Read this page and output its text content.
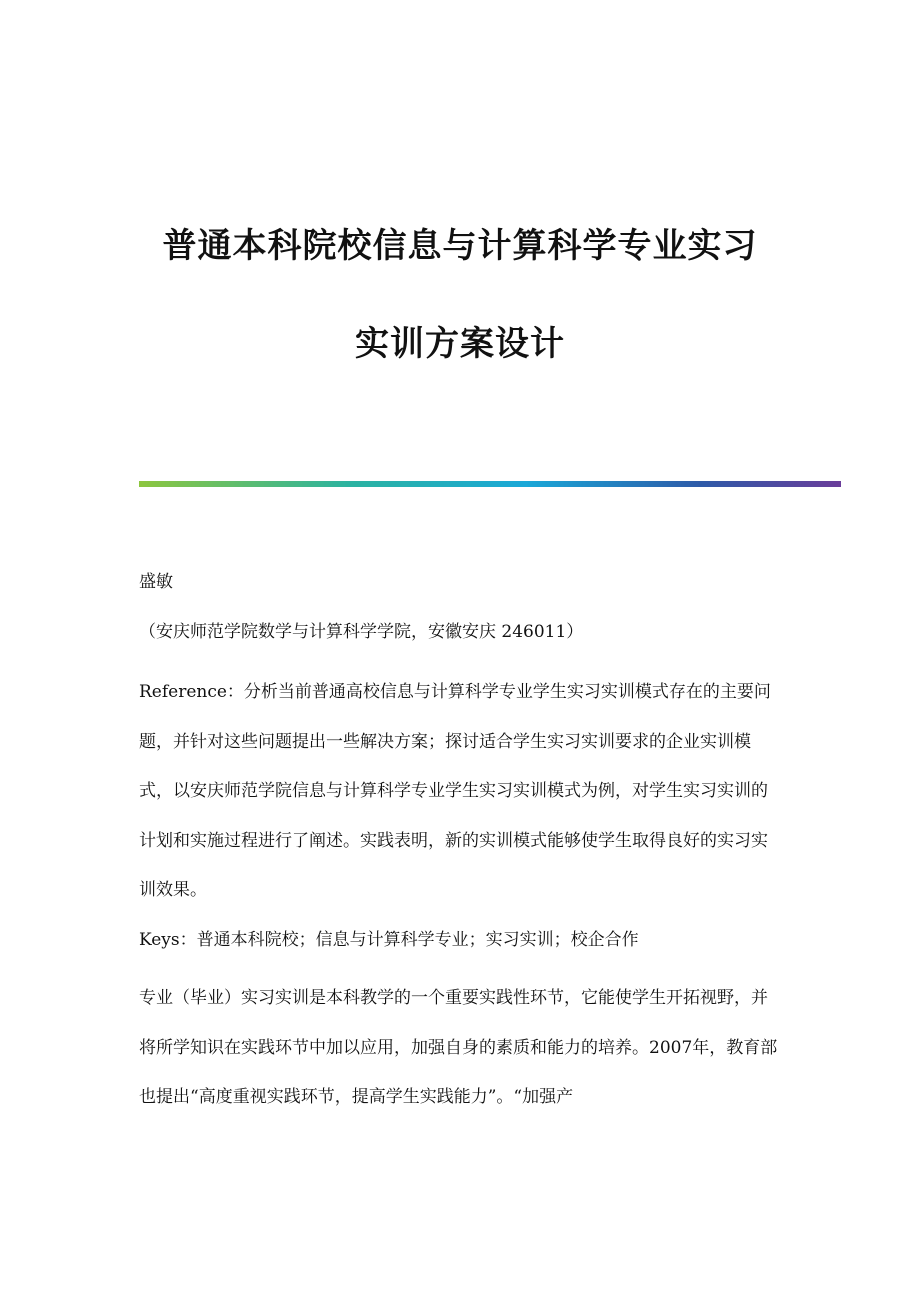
普通本科院校信息与计算科学专业实习
实训方案设计

盛敏

（安庆师范学院数学与计算科学学院，安徽安庆 246011）

Reference：分析当前普通高校信息与计算科学专业学生实习实训模式存在的主要问题，并针对这些问题提出一些解决方案；探讨适合学生实习实训要求的企业实训模式，以安庆师范学院信息与计算科学专业学生实习实训模式为例，对学生实习实训的计划和实施过程进行了阐述。实践表明，新的实训模式能够使学生取得良好的实习实训效果。

Keys：普通本科院校；信息与计算科学专业；实习实训；校企合作

专业（毕业）实习实训是本科教学的一个重要实践性环节，它能使学生开拓视野，并将所学知识在实践环节中加以应用，加强自身的素质和能力的培养。2007年，教育部也提出“高度重视实践环节，提高学生实践能力”。“加强产
